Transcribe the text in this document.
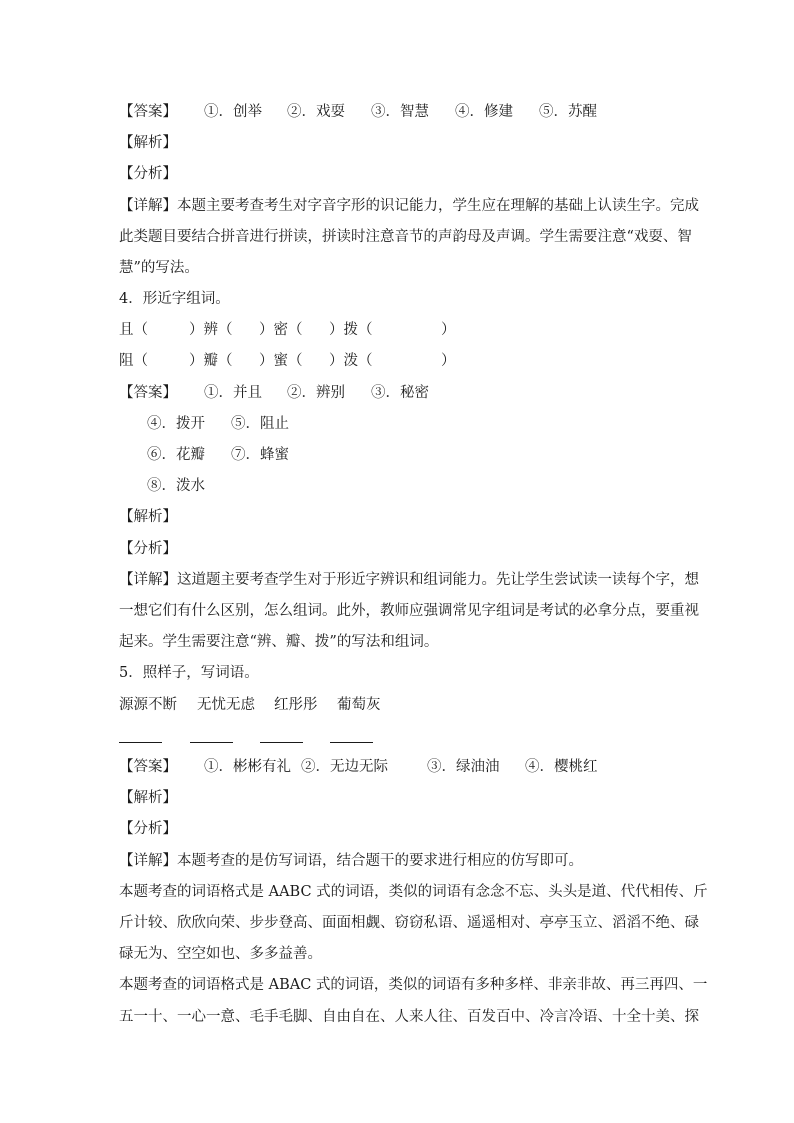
【答案】 ①．创举 ②．戏耍 ③．智慧 ④．修建 ⑤．苏醒
【解析】
【分析】
【详解】本题主要考查考生对字音字形的识记能力，学生应在理解的基础上认读生字。完成
此类题目要结合拼音进行拼读，拼读时注意音节的声韵母及声调。学生需要注意“戏耍、智
慧”的写法。
4．形近字组词。
且（	）辨（ ）密（ ）拨（	）
阻（	）瓣（ ）蜜（ ）泼（	）
【答案】 ①．并且 ②．辨别 ③．秘密
④．拨开 ⑤．阻止
⑥．花瓣 ⑦．蜂蜜
⑧．泼水
【解析】
【分析】
【详解】这道题主要考查学生对于形近字辨识和组词能力。先让学生尝试读一读每个字，想
一想它们有什么区别，怎么组词。此外，教师应强调常见字组词是考试的必拿分点，要重视
起来。学生需要注意“辨、瓣、拨”的写法和组词。
5．照样子，写词语。
源源不断 无忧无虑 红彤彤 葡萄灰
【答案】 ①．彬彬有礼 ②．无边无际	③．绿油油 ④．樱桃红
【解析】
【分析】
【详解】本题考查的是仿写词语，结合题干的要求进行相应的仿写即可。
本题考查的词语格式是 AABC 式的词语，类似的词语有念念不忘、头头是道、代代相传、斤
斤计较、欣欣向荣、步步登高、面面相觑、窃窃私语、遥遥相对、亭亭玉立、滔滔不绝、碌
碌无为、空空如也、多多益善。
本题考查的词语格式是 ABAC 式的词语，类似的词语有多种多样、非亲非故、再三再四、一
五一十、一心一意、毛手毛脚、自由自在、人来人往、百发百中、冷言冷语、十全十美、探
